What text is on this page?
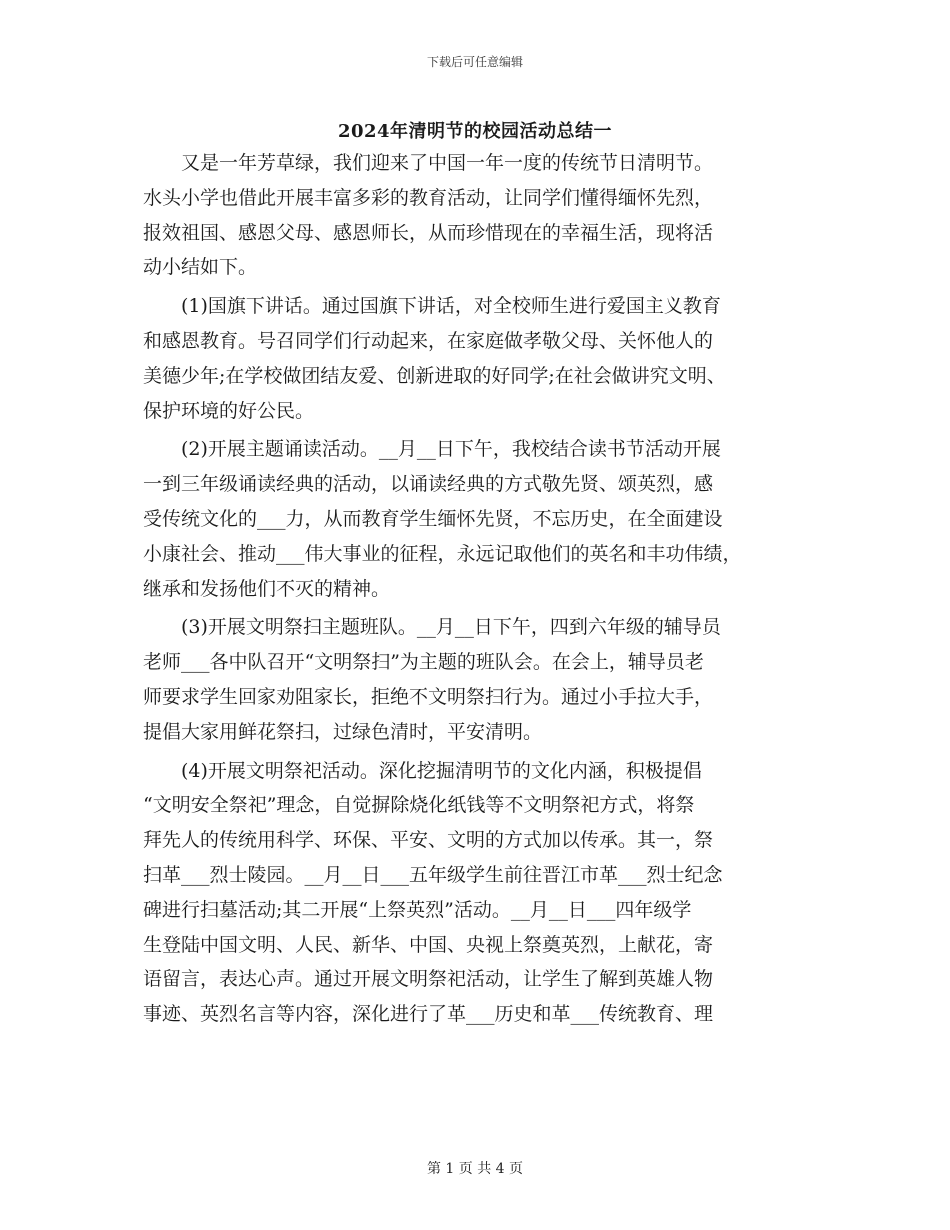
下载后可任意编辑
2024年清明节的校园活动总结一
　　又是一年芳草绿，我们迎来了中国一年一度的传统节日清明节。
水头小学也借此开展丰富多彩的教育活动，让同学们懂得缅怀先烈，
报效祖国、感恩父母、感恩师长，从而珍惜现在的幸福生活，现将活
动小结如下。
　　(1)国旗下讲话。通过国旗下讲话，对全校师生进行爱国主义教育
和感恩教育。号召同学们行动起来，在家庭做孝敬父母、关怀他人的
美德少年;在学校做团结友爱、创新进取的好同学;在社会做讲究文明、
保护环境的好公民。
　　(2)开展主题诵读活动。__月__日下午，我校结合读书节活动开展
一到三年级诵读经典的活动，以诵读经典的方式敬先贤、颂英烈，感
受传统文化的___力，从而教育学生缅怀先贤，不忘历史，在全面建设
小康社会、推动___伟大事业的征程，永远记取他们的英名和丰功伟绩，
继承和发扬他们不灭的精神。
　　(3)开展文明祭扫主题班队。__月__日下午，四到六年级的辅导员
老师___各中队召开“文明祭扫”为主题的班队会。在会上，辅导员老
师要求学生回家劝阻家长，拒绝不文明祭扫行为。通过小手拉大手，
提倡大家用鲜花祭扫，过绿色清时，平安清明。
　　(4)开展文明祭祀活动。深化挖掘清明节的文化内涵，积极提倡
“文明安全祭祀”理念，自觉摒除烧化纸钱等不文明祭祀方式，将祭
拜先人的传统用科学、环保、平安、文明的方式加以传承。其一，祭
扫革___烈士陵园。__月__日___五年级学生前往晋江市革___烈士纪念
碑进行扫墓活动;其二开展“上祭英烈”活动。__月__日___四年级学
生登陆中国文明、人民、新华、中国、央视上祭奠英烈，上献花，寄
语留言，表达心声。通过开展文明祭祀活动，让学生了解到英雄人物
事迹、英烈名言等内容，深化进行了革___历史和革___传统教育、理
第 1 页 共 4 页
